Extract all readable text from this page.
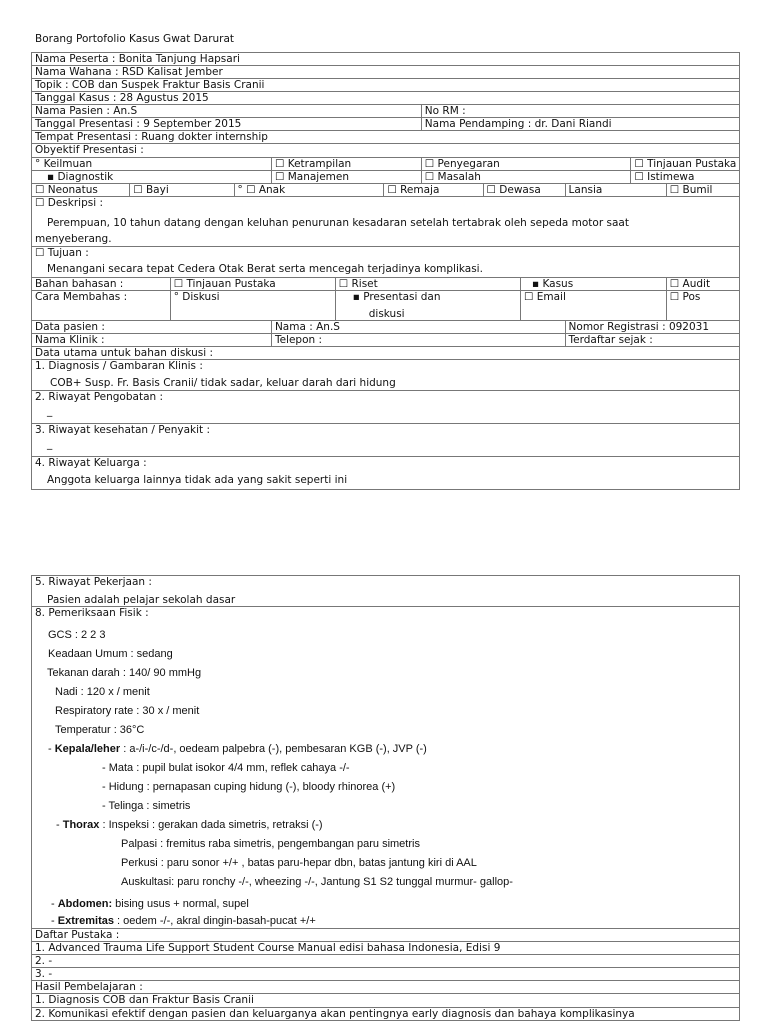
Borang Portofolio Kasus Gwat Darurat
Nama Peserta : Bonita Tanjung Hapsari												
Nama Wahana : RSD Kalisat Jember												
Topik : COB dan Suspek Fraktur Basis Cranii												
Tanggal Kasus : 28 Agustus 2015												
Nama Pasien : An.S							No RM :					
Tanggal Presentasi : 9 September 2015							Nama Pendamping : dr. Dani Riandi					
Tempat Presentasi : Ruang dokter internship												
Obyektif Presentasi :												
° Keilmuan				☐ Ketrampilan			☐ Penyegaran				☐ Tinjauan Pustaka	

▪ Diagnostik				☐ Manajemen			☐ Masalah				☐ Istimewa	
☐ Neonatus	☐ Bayi		° ☐ Anak			☐ Remaja		☐ Dewasa		Lansia		☐ Bumil

☐ Deskripsi :
Perempuan, 10 tahun datang dengan keluhan penurunan kesadaran setelah tertabrak oleh sepeda motor saat
menyeberang.												

☐ Tujuan :
Menangani secara tepat Cedera Otak Berat serta mencegah terjadinya komplikasi.												

Bahan bahasan :		☐ Tinjauan Pustaka			☐ Riset				▪ Kasus			☐ Audit
Cara Membahas :		° Diskusi			▪ Presentasi dan
diskusi				☐ Email			☐ Pos
Data pasien :				Nama : An.S						Nomor Registrasi : 092031		
Nama Klinik :				Telepon :						Terdaftar sejak :		
Data utama untuk bahan diskusi :												

1. Diagnosis / Gambaran Klinis :
COB+ Susp. Fr. Basis Cranii/ tidak sadar, keluar darah dari hidung												

2. Riwayat Pengobatan :
_												

3. Riwayat kesehatan / Penyakit :
_												

4. Riwayat Keluarga :
Anggota keluarga lainnya tidak ada yang sakit seperti ini												
5. Riwayat Pekerjaan :
Pasien adalah pelajar sekolah dasar

8. Pemeriksaan Fisik :
GCS : 2 2 3
Keadaan Umum : sedang
Tekanan darah : 140/ 90 mmHg
Nadi : 120 x / menit
Respiratory rate : 30 x / menit
Temperatur : 36°C
- Kepala/leher : a-/i-/c-/d-, oedeam palpebra (-), pembesaran KGB (-), JVP (-)
- Mata : pupil bulat isokor 4/4 mm, reflek cahaya -/-
- Hidung : pernapasan cuping hidung (-), bloody rhinorea (+)
- Telinga : simetris
- Thorax : Inspeksi : gerakan dada simetris, retraksi (-)
Palpasi : fremitus raba simetris, pengembangan paru simetris
Perkusi : paru sonor +/+ , batas paru-hepar dbn, batas jantung kiri di AAL
Auskultasi: paru ronchy -/-, wheezing -/-, Jantung S1 S2 tunggal murmur- gallop-
- Abdomen: bising usus + normal, supel
- Extremitas : oedem -/-, akral dingin-basah-pucat +/+

Daftar Pustaka :
1. Advanced Trauma Life Support Student Course Manual edisi bahasa Indonesia, Edisi 9
2. -
3. -
Hasil Pembelajaran :
1. Diagnosis COB dan Fraktur Basis Cranii
2. Komunikasi efektif dengan pasien dan keluarganya akan pentingnya early diagnosis dan bahaya komplikasinya
